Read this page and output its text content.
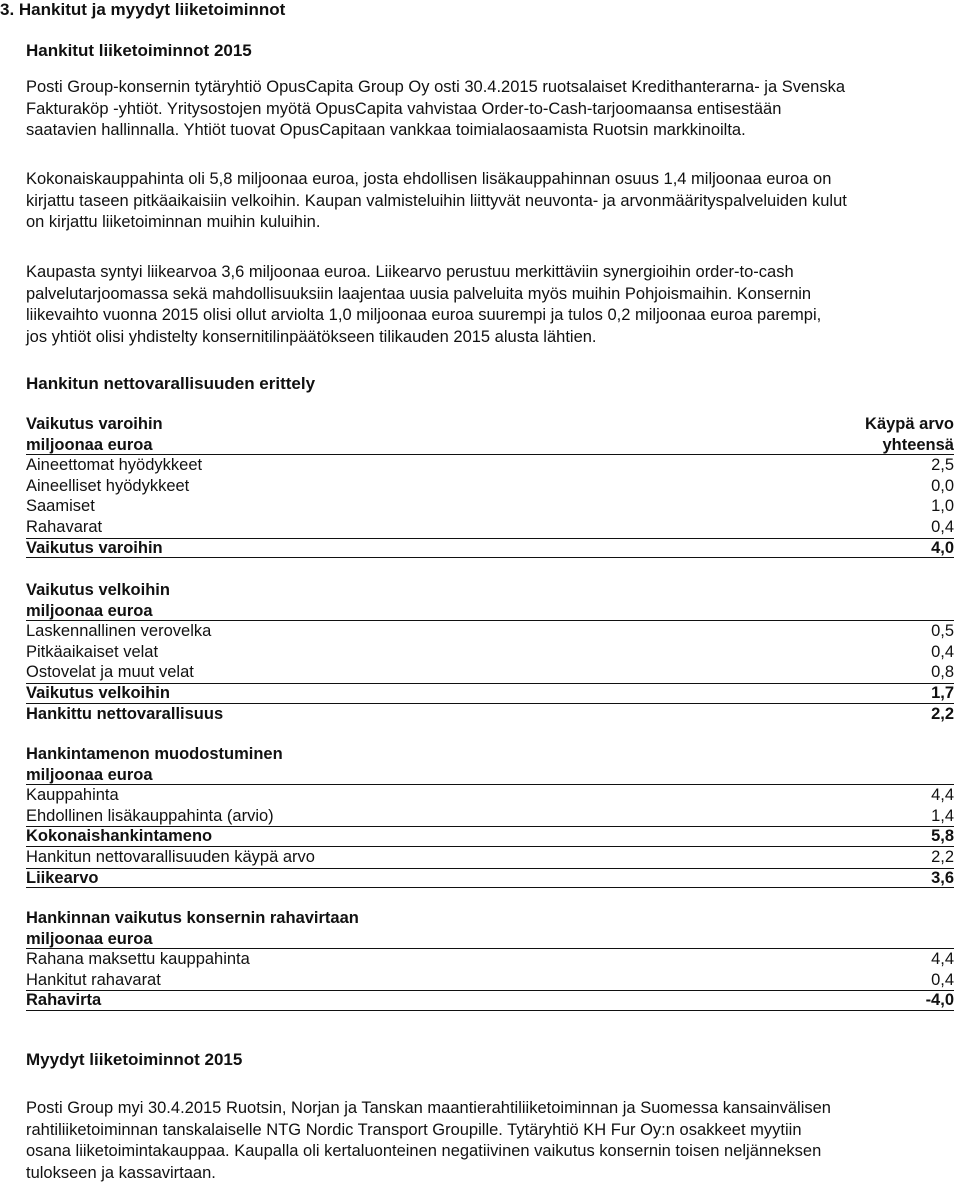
3. Hankitut ja myydyt liiketoiminnot
Hankitut liiketoiminnot 2015

Posti Group-konsernin tytäryhtiö OpusCapita Group Oy osti 30.4.2015 ruotsalaiset Kredithanterarna- ja Svenska
Fakturaköp -yhtiöt. Yritysostojen myötä OpusCapita vahvistaa Order-to-Cash-tarjoomaansa entisestään
saatavien hallinnalla. Yhtiöt tuovat OpusCapitaan vankkaa toimialaosaamista Ruotsin markkinoilta.

Kokonaiskauppahinta oli 5,8 miljoonaa euroa, josta ehdollisen lisäkauppahinnan osuus 1,4 miljoonaa euroa on
kirjattu taseen pitkäaikaisiin velkoihin. Kaupan valmisteluihin liittyvät neuvonta- ja arvonmäärityspalveluiden kulut
on kirjattu liiketoiminnan muihin kuluihin.

Kaupasta syntyi liikearvoa 3,6 miljoonaa euroa. Liikearvo perustuu merkittäviin synergioihin order-to-cash
palvelutarjoomassa sekä mahdollisuuksiin laajentaa uusia palveluita myös muihin Pohjoismaihin. Konsernin
liikevaihto vuonna 2015 olisi ollut arviolta 1,0 miljoonaa euroa suurempi ja tulos 0,2 miljoonaa euroa parempi,
jos yhtiöt olisi yhdistelty konsernitilinpäätökseen tilikauden 2015 alusta lähtien.

Hankitun nettovarallisuuden erittely
Vaikutus varoihin	Käypä arvo
miljoonaa euroa	yhteensä
Aineettomat hyödykkeet	2,5
Aineelliset hyödykkeet	0,0
Saamiset	1,0
Rahavarat	0,4
Vaikutus varoihin	4,0
Vaikutus velkoihin
miljoonaa euroa
Laskennallinen verovelka	0,5
Pitkäaikaiset velat	0,4
Ostovelat ja muut velat	0,8
Vaikutus velkoihin	1,7
Hankittu nettovarallisuus	2,2
Hankintamenon muodostuminen
miljoonaa euroa
Kauppahinta	4,4
Ehdollinen lisäkauppahinta (arvio)	1,4
Kokonaishankintameno	5,8
Hankitun nettovarallisuuden käypä arvo	2,2
Liikearvo	3,6
Hankinnan vaikutus konsernin rahavirtaan
miljoonaa euroa
Rahana maksettu kauppahinta	4,4
Hankitut rahavarat	0,4
Rahavirta	-4,0
Myydyt liiketoiminnot 2015

Posti Group myi 30.4.2015 Ruotsin, Norjan ja Tanskan maantierahtiliiketoiminnan ja Suomessa kansainvälisen
rahtiliiketoiminnan tanskalaiselle NTG Nordic Transport Groupille. Tytäryhtiö KH Fur Oy:n osakkeet myytiin
osana liiketoimintakauppaa. Kaupalla oli kertaluonteinen negatiivinen vaikutus konsernin toisen neljänneksen
tulokseen ja kassavirtaan.
